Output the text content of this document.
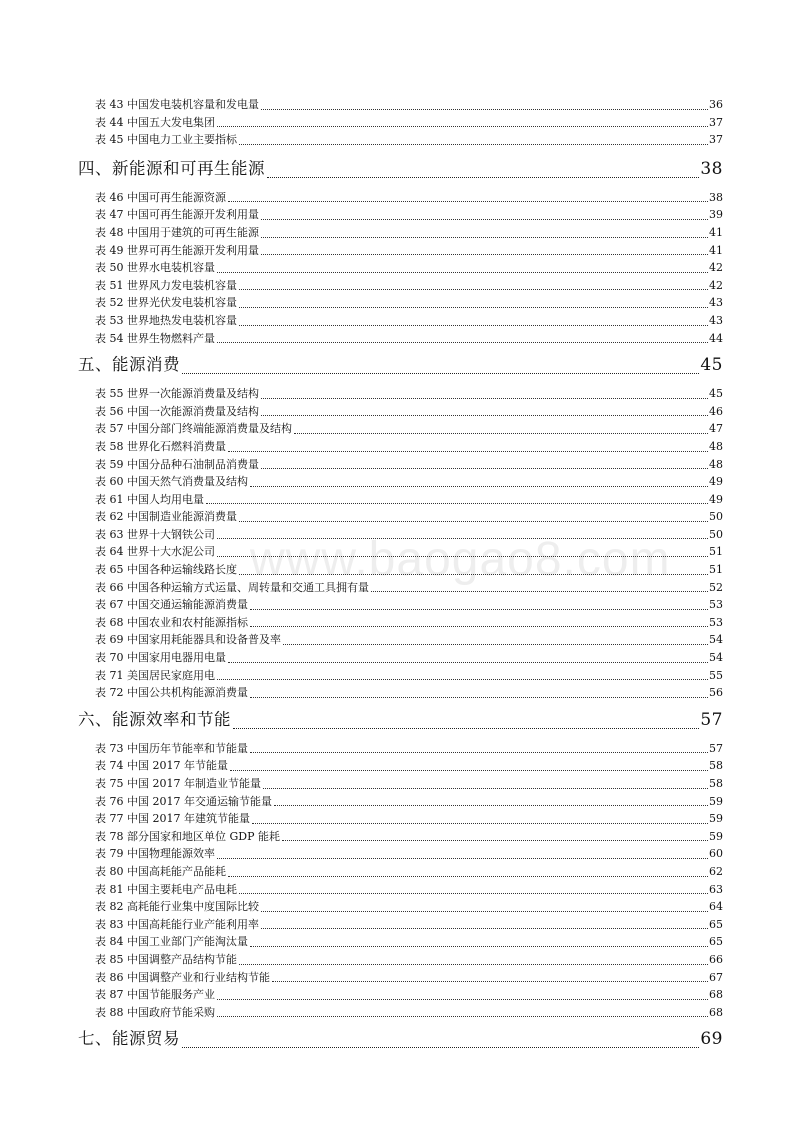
www.baogao8.com
表 43 中国发电装机容量和发电量	36
表 44 中国五大发电集团	37
表 45 中国电力工业主要指标	37
四、新能源和可再生能源	38
表 46 中国可再生能源资源	38
表 47 中国可再生能源开发利用量	39
表 48 中国用于建筑的可再生能源	41
表 49 世界可再生能源开发利用量	41
表 50 世界水电装机容量	42
表 51 世界风力发电装机容量	42
表 52 世界光伏发电装机容量	43
表 53 世界地热发电装机容量	43
表 54 世界生物燃料产量	44
五、能源消费	45
表 55 世界一次能源消费量及结构	45
表 56 中国一次能源消费量及结构	46
表 57 中国分部门终端能源消费量及结构	47
表 58 世界化石燃料消费量	48
表 59 中国分品种石油制品消费量	48
表 60 中国天然气消费量及结构	49
表 61 中国人均用电量	49
表 62 中国制造业能源消费量	50
表 63 世界十大钢铁公司	50
表 64 世界十大水泥公司	51
表 65 中国各种运输线路长度	51
表 66 中国各种运输方式运量、周转量和交通工具拥有量	52
表 67 中国交通运输能源消费量	53
表 68 中国农业和农村能源指标	53
表 69 中国家用耗能器具和设备普及率	54
表 70 中国家用电器用电量	54
表 71 美国居民家庭用电	55
表 72 中国公共机构能源消费量	56
六、能源效率和节能	57
表 73 中国历年节能率和节能量	57
表 74 中国 2017 年节能量	58
表 75 中国 2017 年制造业节能量	58
表 76 中国 2017 年交通运输节能量	59
表 77 中国 2017 年建筑节能量	59
表 78 部分国家和地区单位 GDP 能耗	59
表 79 中国物理能源效率	60
表 80 中国高耗能产品能耗	62
表 81 中国主要耗电产品电耗	63
表 82 高耗能行业集中度国际比较	64
表 83 中国高耗能行业产能利用率	65
表 84 中国工业部门产能淘汰量	65
表 85 中国调整产品结构节能	66
表 86 中国调整产业和行业结构节能	67
表 87 中国节能服务产业	68
表 88 中国政府节能采购	68
七、能源贸易	69
